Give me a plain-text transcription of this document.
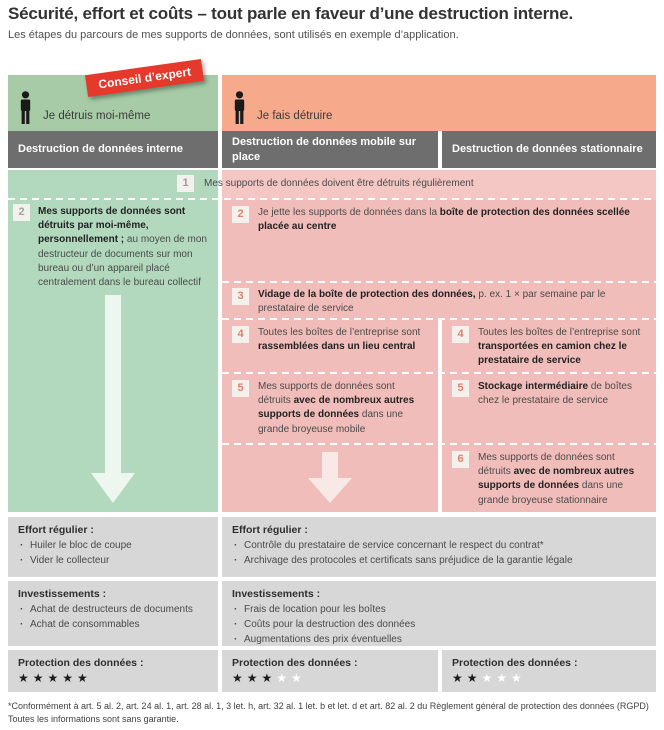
Sécurité, effort et coûts – tout parle en faveur d’une destruction interne.

Les étapes du parcours de mes supports de données, sont utilisés en exemple d’application.

Je détruis moi-même	Je fais détruire
Conseil d’expert
Destruction de données interne
Destruction de données mobile sur place
Destruction de données stationnaire
2	Mes supports de données sont détruits par moi-même, personnellement ; au moyen de mon destructeur de documents sur mon bureau ou d’un appareil placé centralement dans le bureau collectif
1	Mes supports de données doivent être détruits régulièrement
2	Je jette les supports de données dans la boîte de protection des données scellée placée au centre
3	Vidage de la boîte de protection des données, p. ex. 1 × par semaine par le prestataire de service
4	Toutes les boîtes de l’entreprise sont rassemblées dans un lieu central
4	Toutes les boîtes de l’entreprise sont transportées en camion chez le prestataire de service
5	Mes supports de données sont détruits avec de nombreux autres supports de données dans une grande broyeuse mobile
5	Stockage intermédiaire de boîtes chez le prestataire de service
6	Mes supports de données sont détruits avec de nombreux autres supports de données dans une grande broyeuse stationnaire
Effort régulier :
· Huiler le bloc de coupe
· Vider le collecteur
Effort régulier :
· Contrôle du prestataire de service concernant le respect du contrat*
· Archivage des protocoles et certificats sans préjudice de la garantie légale
Investissements :
· Achat de destructeurs de documents
· Achat de consommables
Investissements :
· Frais de location pour les boîtes
· Coûts pour la destruction des données
· Augmentations des prix éventuelles
Protection des données :
★★★★★
Protection des données :
★★★★★
Protection des données :
★★★★★

*Conformément à art. 5 al. 2, art. 24 al. 1, art. 28 al. 1, 3 let. h, art. 32 al. 1 let. b et let. d et art. 82 al. 2 du Règlement général de protection des données (RGPD)

Toutes les informations sont sans garantie.
